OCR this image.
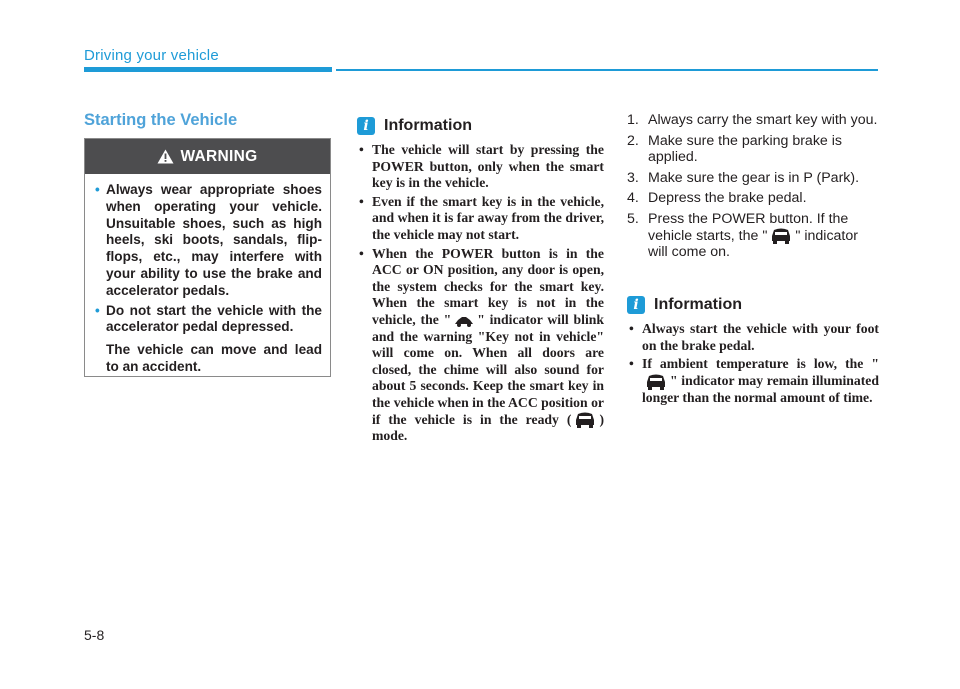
Driving your vehicle
Starting the Vehicle
WARNING
• Always wear appropriate shoes when operating your vehicle. Unsuitable shoes, such as high heels, ski boots, sandals, flip-flops, etc., may interfere with your ability to use the brake and accelerator pedals.
• Do not start the vehicle with the accelerator pedal depressed.
The vehicle can move and lead to an accident.
i Information
• The vehicle will start by pressing the POWER button, only when the smart key is in the vehicle.
• Even if the smart key is in the vehicle, and when it is far away from the driver, the vehicle may not start.
• When the POWER button is in the ACC or ON position, any door is open, the system checks for the smart key. When the smart key is not in the vehicle, the " " indicator will blink and the warning "Key not in vehicle" will come on. When all doors are closed, the chime will also sound for about 5 seconds. Keep the smart key in the vehicle when in the ACC position or if the vehicle is in the ready ( ) mode.
1. Always carry the smart key with you.
2. Make sure the parking brake is applied.
3. Make sure the gear is in P (Park).
4. Depress the brake pedal.
5. Press the POWER button. If the vehicle starts, the " " indicator will come on.
i Information
• Always start the vehicle with your foot on the brake pedal.
• If ambient temperature is low, the "" indicator may remain illuminated longer than the normal amount of time.
5-8
